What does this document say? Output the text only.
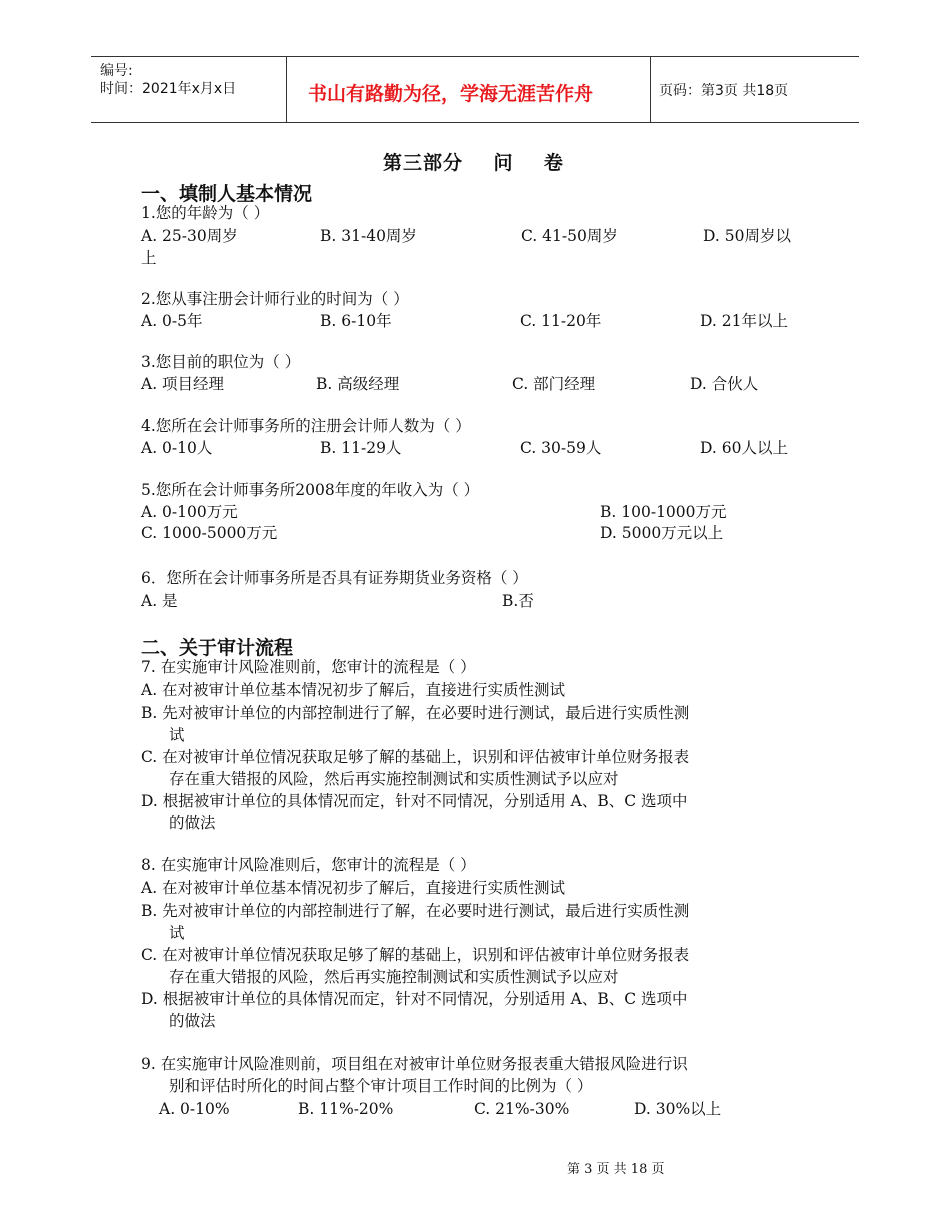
编号:
时间：2021年x月x日	书山有路勤为径，学海无涯苦作舟	页码：第3页 共18页
第三部分    问    卷
一、填制人基本情况
1.您的年龄为（ ）
A. 25-30周岁	B. 31-40周岁	C. 41-50周岁	D. 50周岁以
上
2.您从事注册会计师行业的时间为（ ）
A. 0-5年	B. 6-10年	C. 11-20年	D. 21年以上
3.您目前的职位为（ ）
A. 项目经理	B. 高级经理	C. 部门经理	D. 合伙人
4.您所在会计师事务所的注册会计师人数为（ ）
A. 0-10人	B. 11-29人	C. 30-59人	D. 60人以上
5.您所在会计师事务所2008年度的年收入为（ ）
A. 0-100万元	B. 100-1000万元
C. 1000-5000万元	D. 5000万元以上
6．您所在会计师事务所是否具有证券期货业务资格（ ）
A. 是	B.否
二、关于审计流程
7. 在实施审计风险准则前，您审计的流程是（ ）
A. 在对被审计单位基本情况初步了解后，直接进行实质性测试
B. 先对被审计单位的内部控制进行了解，在必要时进行测试，最后进行实质性测
试
C. 在对被审计单位情况获取足够了解的基础上，识别和评估被审计单位财务报表
存在重大错报的风险，然后再实施控制测试和实质性测试予以应对
D. 根据被审计单位的具体情况而定，针对不同情况，分别适用 A、B、C 选项中
的做法
8. 在实施审计风险准则后，您审计的流程是（ ）
A. 在对被审计单位基本情况初步了解后，直接进行实质性测试
B. 先对被审计单位的内部控制进行了解，在必要时进行测试，最后进行实质性测
试
C. 在对被审计单位情况获取足够了解的基础上，识别和评估被审计单位财务报表
存在重大错报的风险，然后再实施控制测试和实质性测试予以应对
D. 根据被审计单位的具体情况而定，针对不同情况，分别适用 A、B、C 选项中
的做法
9. 在实施审计风险准则前，项目组在对被审计单位财务报表重大错报风险进行识
别和评估时所化的时间占整个审计项目工作时间的比例为（ ）
A. 0-10%	B. 11%-20%	C. 21%-30%	D. 30%以上
第 3 页 共 18 页
